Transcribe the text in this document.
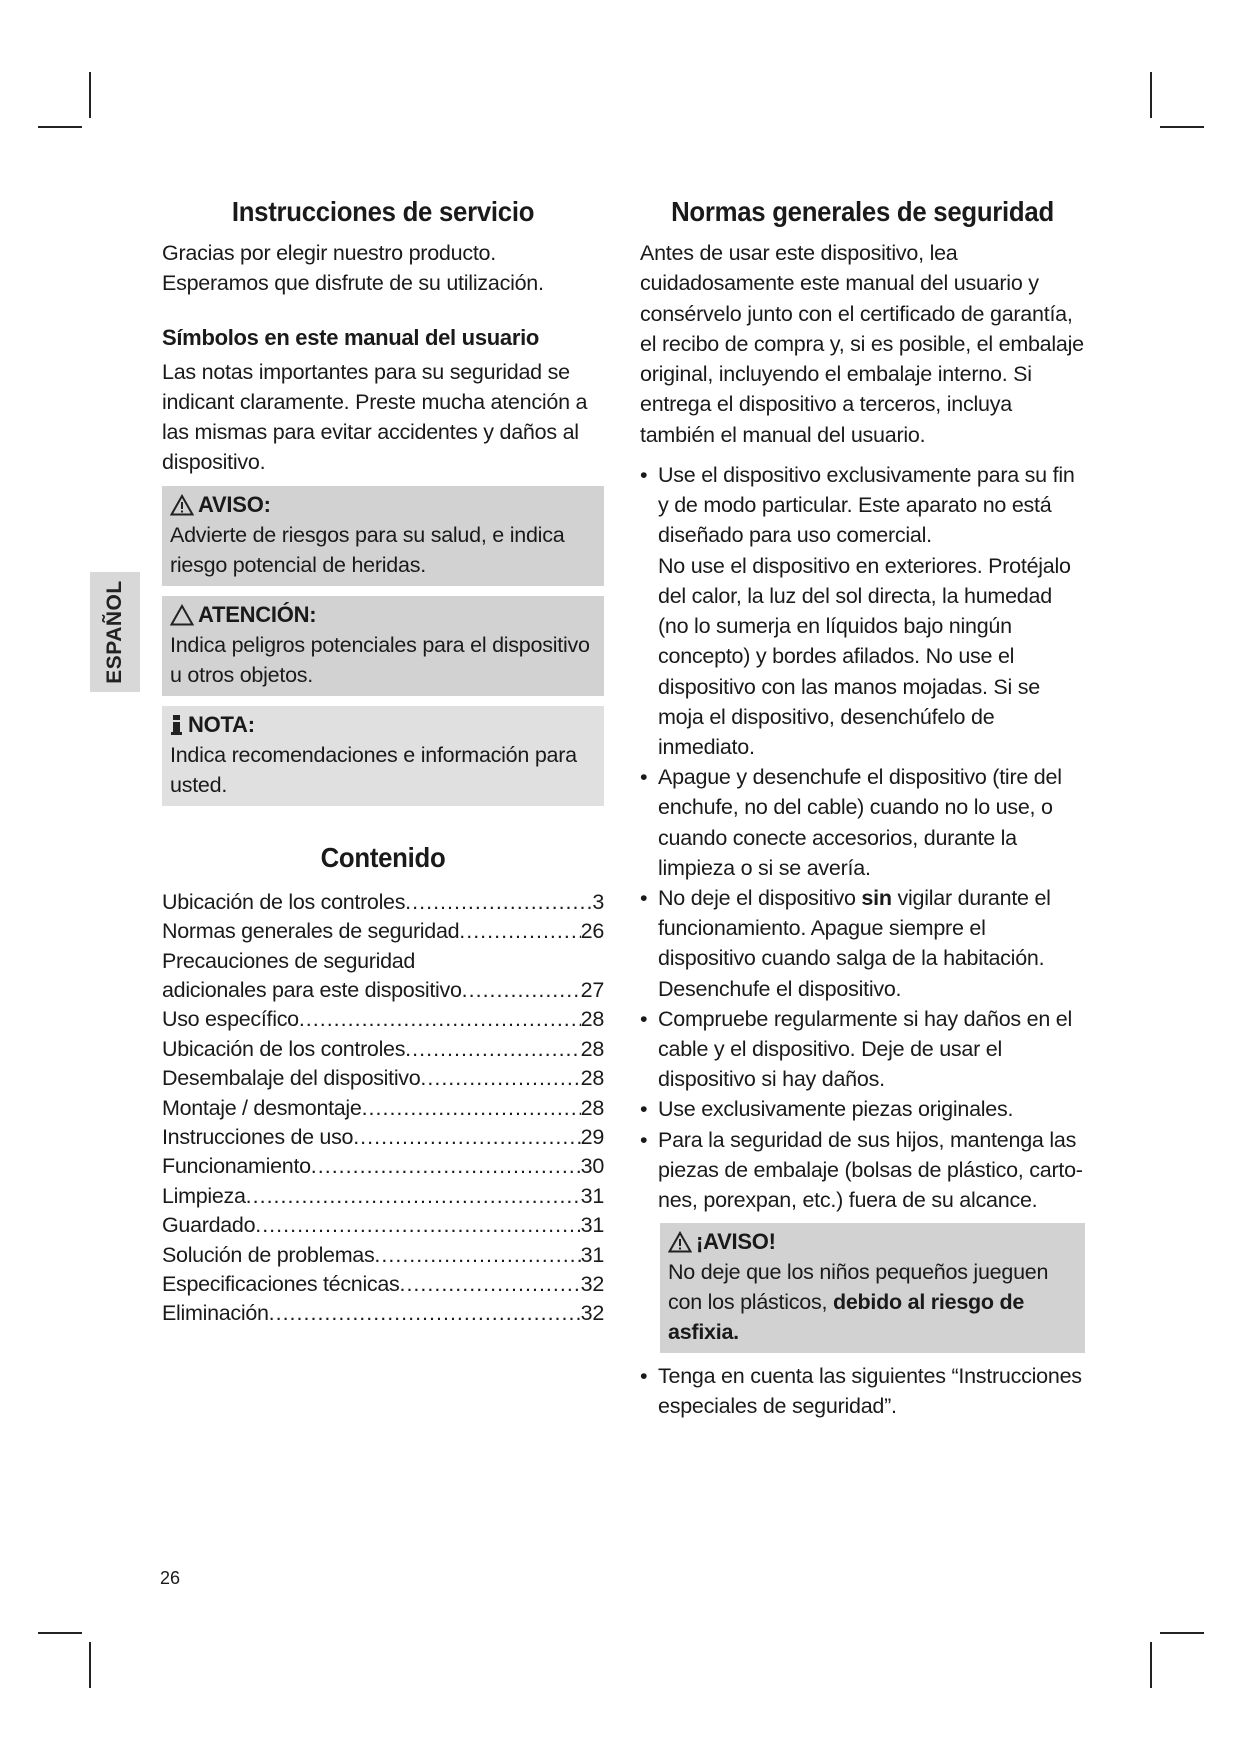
ESPAÑOL
Instrucciones de servicio

Gracias por elegir nuestro producto. Esperamos que disfrute de su utilización.

Símbolos en este manual del usuario

Las notas importantes para su seguridad se indicant claramente. Preste mucha atención a las mismas para evitar accidentes y daños al dispositivo.

AVISO:
Advierte de riesgos para su salud, e indica riesgo potencial de heridas.
ATENCIÓN:
Indica peligros potenciales para el dispositivo u otros objetos.
NOTA:
Indica recomendaciones e información para usted.
Contenido
Ubicación de los controles .....	3
Normas generales de seguridad .....	26
Precauciones de seguridad
adicionales para este dispositivo .....	27
Uso específico .....	28
Ubicación de los controles .....	28
Desembalaje del dispositivo .....	28
Montaje / desmontaje .....	28
Instrucciones de uso .....	29
Funcionamiento .....	30
Limpieza .....	31
Guardado .....	31
Solución de problemas .....	31
Especificaciones técnicas .....	32
Eliminación .....	32
Normas generales de seguridad

Antes de usar este dispositivo, lea cuidadosamente este manual del usuario y consérvelo junto con el certificado de garantía, el recibo de compra y, si es posible, el embalaje original, incluyendo el embalaje interno. Si entrega el dispositivo a terceros, incluya también el manual del usuario.

• Use el dispositivo exclusivamente para su fin y de modo particular. Este aparato no está diseñado para uso comercial.
No use el dispositivo en exteriores. Protéjalo del calor, la luz del sol directa, la humedad (no lo sumerja en líquidos bajo ningún concepto) y bordes afilados. No use el dispositivo con las manos mojadas. Si se moja el dispositivo, desenchúfelo de inmediato.
• Apague y desenchufe el dispositivo (tire del enchufe, no del cable) cuando no lo use, o cuando conecte accesorios, durante la limpieza o si se avería.
• No deje el dispositivo sin vigilar durante el funcionamiento. Apague siempre el dispositivo cuando salga de la habitación. Desenchufe el dispositivo.
• Compruebe regularmente si hay daños en el cable y el dispositivo. Deje de usar el dispositivo si hay daños.
• Use exclusivamente piezas originales.
• Para la seguridad de sus hijos, mantenga las piezas de embalaje (bolsas de plástico, cartones, porexpan, etc.) fuera de su alcance.
¡AVISO!
No deje que los niños pequeños jueguen con los plásticos, debido al riesgo de asfixia.
• Tenga en cuenta las siguientes “Instrucciones especiales de seguridad”.
26
